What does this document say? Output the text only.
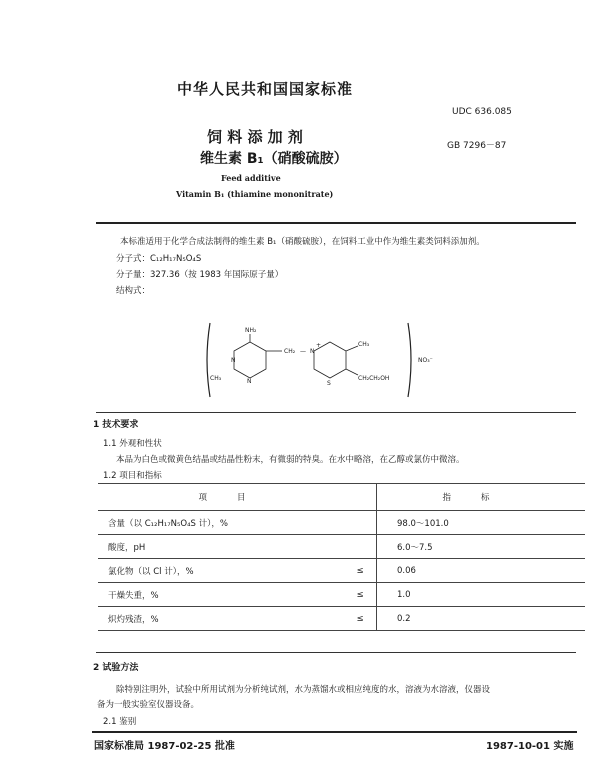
中华人民共和国国家标准
UDC 636.085
饲 料 添 加 剂	GB 7296－87
维生素 B₁（硝酸硫胺）
Feed additive
Vitamin B₁ (thiamine mononitrate)
本标准适用于化学合成法制得的维生素 B₁（硝酸硫胺），在饲料工业中作为维生素类饲料添加剂。
分子式：C₁₂H₁₇N₅O₄S
分子量：327.36（按 1983 年国际原子量）
结构式：
NH₂
N
N
CH₂ — N
+
CH₃
CH₃
S
CH₂CH₂OH
NO₃⁻
1 技术要求
1.1 外观和性状
本品为白色或微黄色结晶或结晶性粉末，有微弱的特臭。在水中略溶，在乙醇或氯仿中微溶。
1.2 项目和指标
项目		指标
含量（以 C₁₂H₁₇N₅O₄S 计），%		98.0～101.0
酸度，pH		6.0～7.5
氯化物（以 Cl 计），%	≤	0.06
干燥失重，%	≤	1.0
炽灼残渣，%	≤	0.2
2 试验方法
除特别注明外，试验中所用试剂为分析纯试剂，水为蒸馏水或相应纯度的水，溶液为水溶液，仪器设
备为一般实验室仪器设备。
2.1 鉴别
国家标准局 1987-02-25 批准	1987-10-01 实施
